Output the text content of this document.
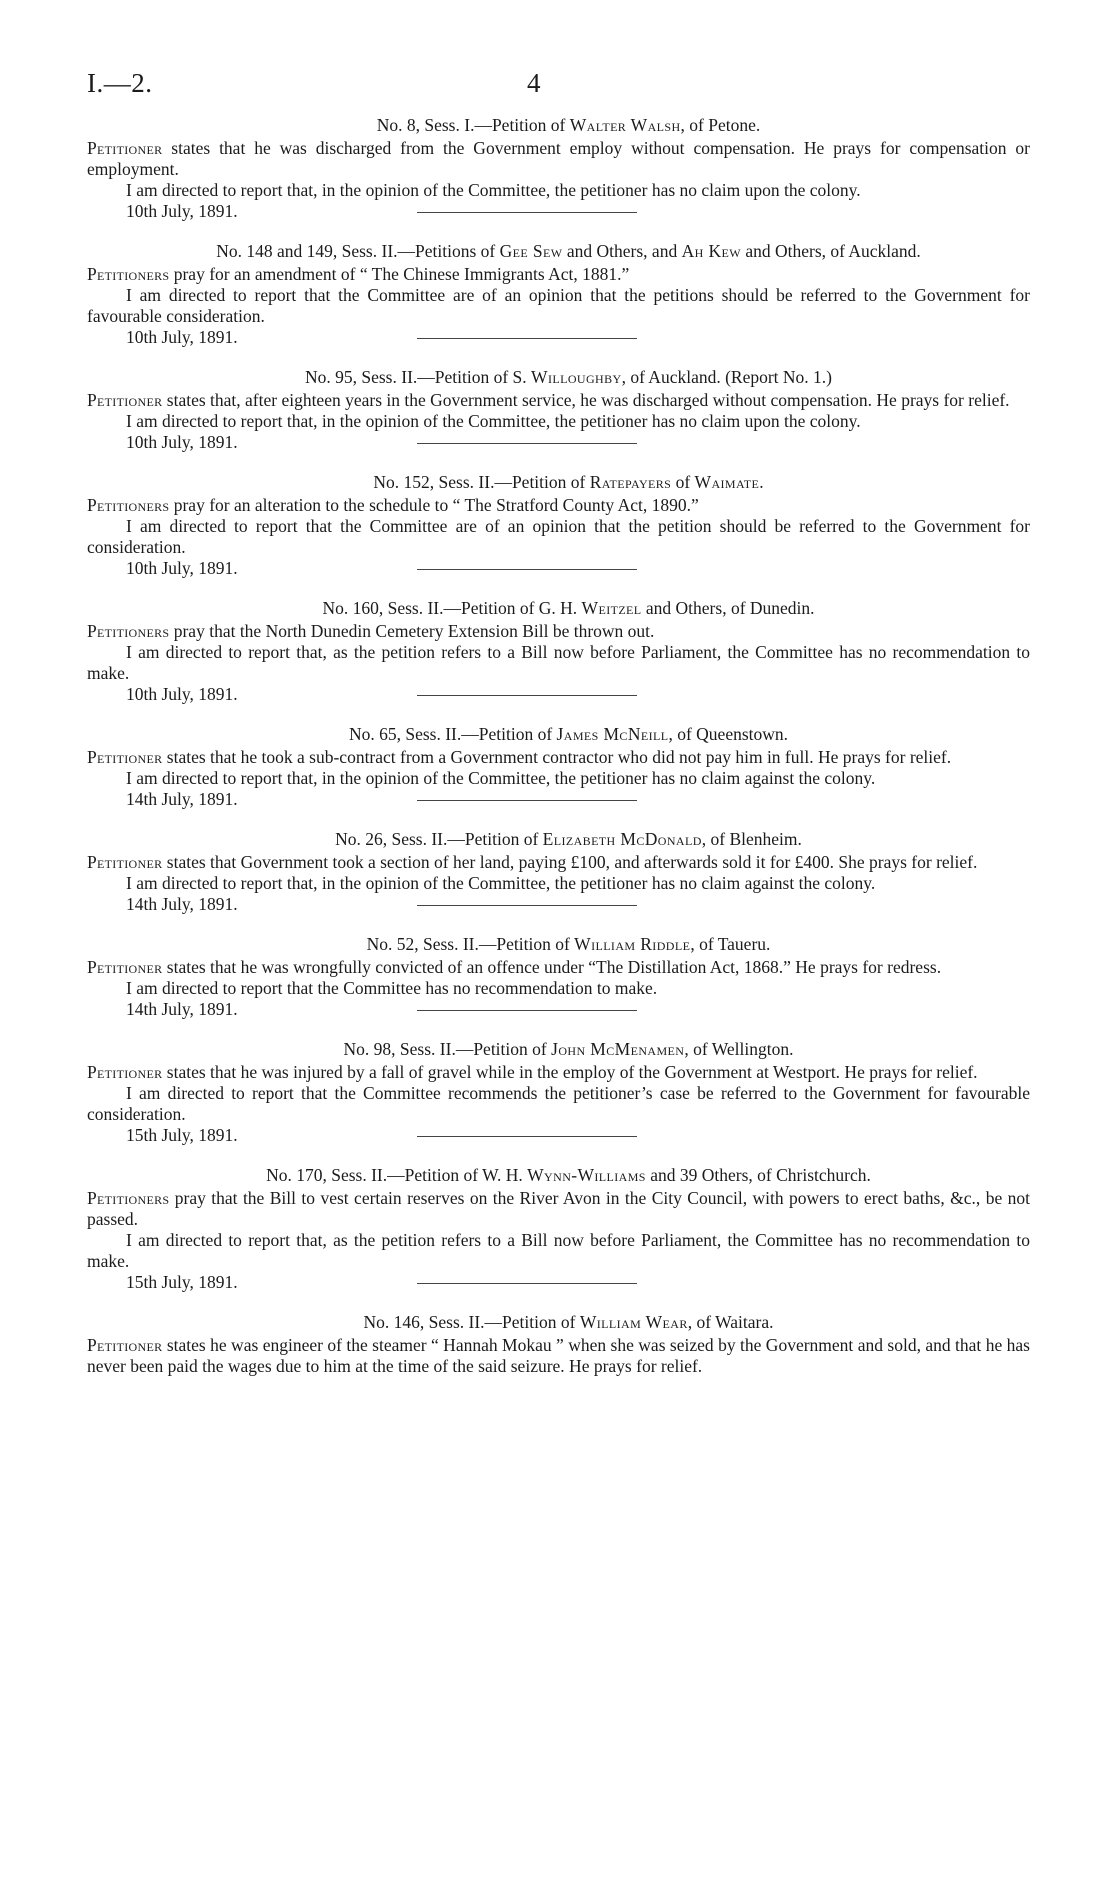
I.—2.	4
No. 8, Sess. I.—Petition of Walter Walsh, of Petone.
Petitioner states that he was discharged from the Government employ without compensation. He prays for compensation or employment.
I am directed to report that, in the opinion of the Committee, the petitioner has no claim upon the colony.
10th July, 1891.
No. 148 and 149, Sess. II.—Petitions of Gee Sew and Others, and Ah Kew and Others, of Auckland.
Petitioners pray for an amendment of “ The Chinese Immigrants Act, 1881.”
I am directed to report that the Committee are of an opinion that the petitions should be referred to the Government for favourable consideration.
10th July, 1891.
No. 95, Sess. II.—Petition of S. Willoughby, of Auckland. (Report No. 1.)
Petitioner states that, after eighteen years in the Government service, he was discharged without compensation. He prays for relief.
I am directed to report that, in the opinion of the Committee, the petitioner has no claim upon the colony.
10th July, 1891.
No. 152, Sess. II.—Petition of Ratepayers of Waimate.
Petitioners pray for an alteration to the schedule to “ The Stratford County Act, 1890.”
I am directed to report that the Committee are of an opinion that the petition should be referred to the Government for consideration.
10th July, 1891.
No. 160, Sess. II.—Petition of G. H. Weitzel and Others, of Dunedin.
Petitioners pray that the North Dunedin Cemetery Extension Bill be thrown out.
I am directed to report that, as the petition refers to a Bill now before Parliament, the Committee has no recommendation to make.
10th July, 1891.
No. 65, Sess. II.—Petition of James McNeill, of Queenstown.
Petitioner states that he took a sub-contract from a Government contractor who did not pay him in full. He prays for relief.
I am directed to report that, in the opinion of the Committee, the petitioner has no claim against the colony.
14th July, 1891.
No. 26, Sess. II.—Petition of Elizabeth McDonald, of Blenheim.
Petitioner states that Government took a section of her land, paying £100, and afterwards sold it for £400. She prays for relief.
I am directed to report that, in the opinion of the Committee, the petitioner has no claim against the colony.
14th July, 1891.
No. 52, Sess. II.—Petition of William Riddle, of Taueru.
Petitioner states that he was wrongfully convicted of an offence under “The Distillation Act, 1868.” He prays for redress.
I am directed to report that the Committee has no recommendation to make.
14th July, 1891.
No. 98, Sess. II.—Petition of John McMenamen, of Wellington.
Petitioner states that he was injured by a fall of gravel while in the employ of the Government at Westport. He prays for relief.
I am directed to report that the Committee recommends the petitioner’s case be referred to the Government for favourable consideration.
15th July, 1891.
No. 170, Sess. II.—Petition of W. H. Wynn-Williams and 39 Others, of Christchurch.
Petitioners pray that the Bill to vest certain reserves on the River Avon in the City Council, with powers to erect baths, &c., be not passed.
I am directed to report that, as the petition refers to a Bill now before Parliament, the Committee has no recommendation to make.
15th July, 1891.
No. 146, Sess. II.—Petition of William Wear, of Waitara.
Petitioner states he was engineer of the steamer “ Hannah Mokau ” when she was seized by the Government and sold, and that he has never been paid the wages due to him at the time of the said seizure. He prays for relief.
